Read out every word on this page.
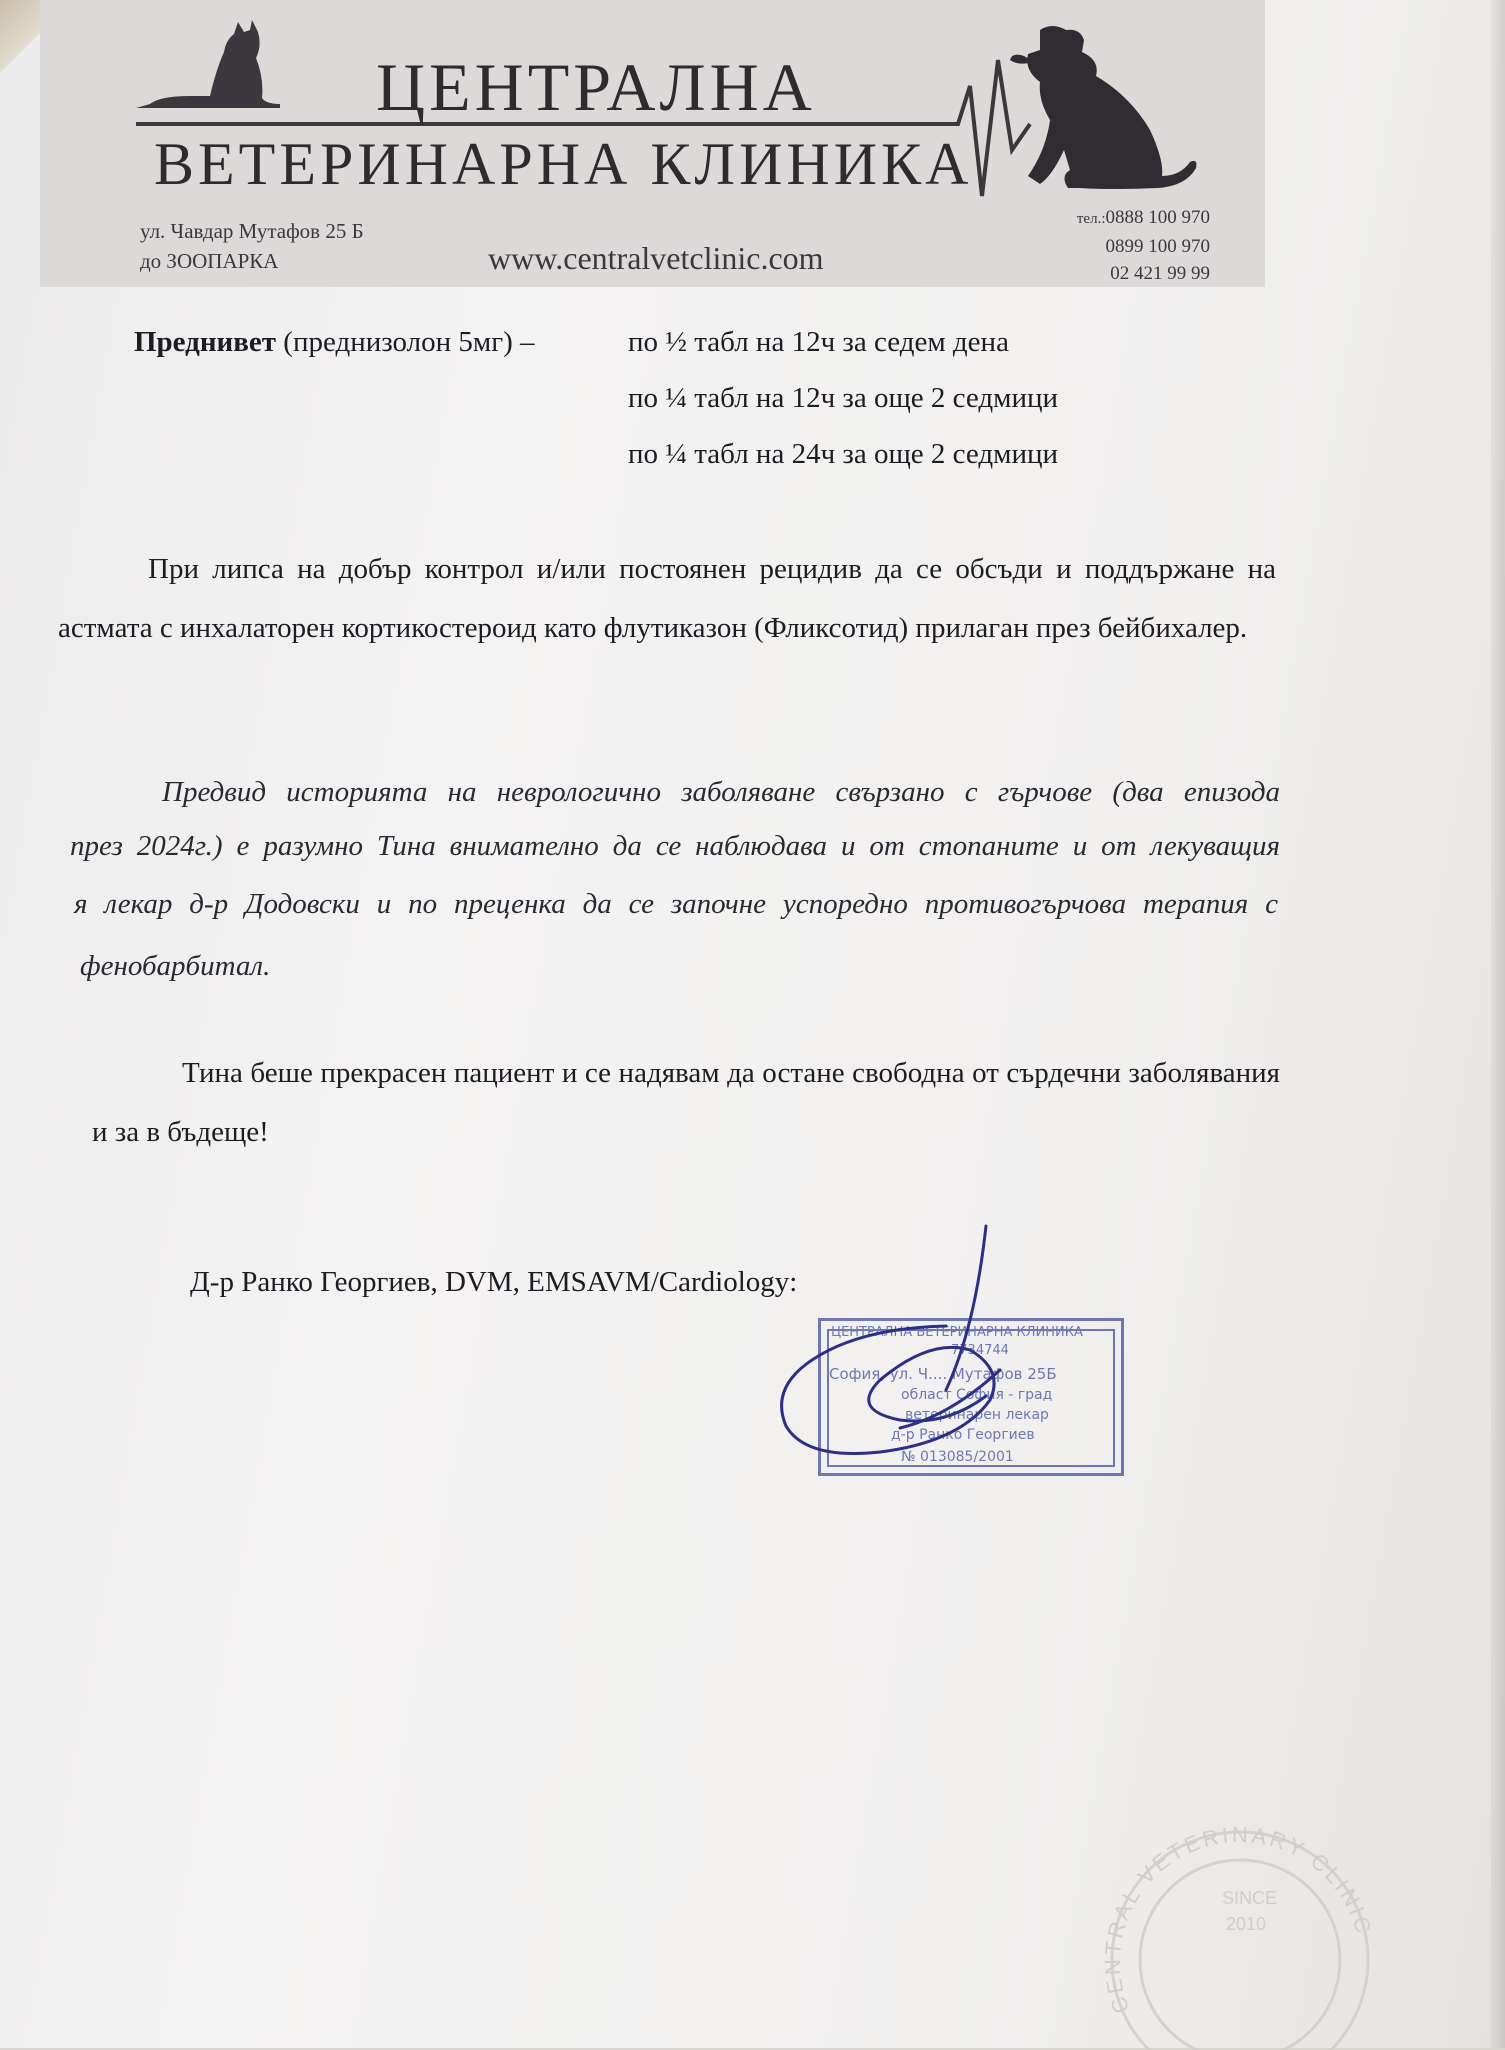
ЦЕНТРАЛНА
ВЕТЕРИНАРНА КЛИНИКА
ул. Чавдар Мутафов 25 Б
до ЗООПАРКА	www.centralvetclinic.com
тел.:0888 100 970
0899 100 970
02 421 99 99
Преднивет (преднизолон 5мг) –	по ½ табл на 12ч за седем дена
по ¼ табл на 12ч за още 2 седмици
по ¼ табл на 24ч за още 2 седмици
При липса на добър контрол и/или постоянен рецидив да се обсъди и поддържане на астмата с инхалаторен кортикостероид като флутиказон (Фликсотид) прилаган през бейбихалер.
Предвид историята на неврологично заболяване свързано с гърчове (два епизода
през 2024г.) е разумно Тина внимателно да се наблюдава и от стопаните и от лекуващия
я лекар д-р Додовски и по преценка да се започне успоредно противогърчова терапия с
фенобарбитал.
Тина беше прекрасен пациент и се надявам да остане свободна от сърдечни заболявания и за в бъдеще!
Д-р Ранко Георгиев, DVM, EMSAVM/Cardiology:
ЦЕНТРАЛНА ВЕТЕРИНАРНА КЛИНИКА
7734744
София, ул. Ч.... Мутафов 25Б
област София - град
ветеринарен лекар
д-р Ранко Георгиев
№ 013085/2001
CENTRAL VETERINARY CLINIC
SINCE
2010
